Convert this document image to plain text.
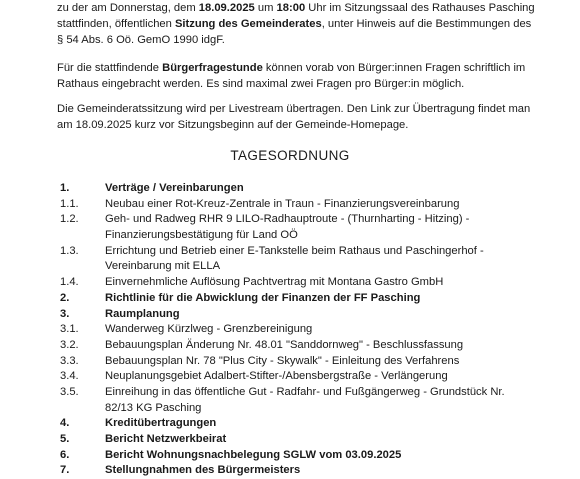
zu der am Donnerstag, dem 18.09.2025 um 18:00 Uhr im Sitzungssaal des Rathauses Pasching stattfinden, öffentlichen Sitzung des Gemeinderates, unter Hinweis auf die Bestimmungen des § 54 Abs. 6 Oö. GemO 1990 idgF.

Für die stattfindende Bürgerfragestunde können vorab von Bürger:innen Fragen schriftlich im Rathaus eingebracht werden. Es sind maximal zwei Fragen pro Bürger:in möglich.

Die Gemeinderatssitzung wird per Livestream übertragen. Den Link zur Übertragung findet man am 18.09.2025 kurz vor Sitzungsbeginn auf der Gemeinde-Homepage.

TAGESORDNUNG
1.	Verträge / Vereinbarungen
1.1. Neubau einer Rot-Kreuz-Zentrale in Traun - Finanzierungsvereinbarung
1.2. Geh- und Radweg RHR 9 LILO-Radhauptroute - (Thurnharting - Hitzing) - Finanzierungsbestätigung für Land OÖ
1.3. Errichtung und Betrieb einer E-Tankstelle beim Rathaus und Paschingerhof - Vereinbarung mit ELLA
1.4. Einvernehmliche Auflösung Pachtvertrag mit Montana Gastro GmbH
2.	Richtlinie für die Abwicklung der Finanzen der FF Pasching
3.	Raumplanung
3.1. Wanderweg Kürzlweg - Grenzbereinigung
3.2. Bebauungsplan Änderung Nr. 48.01 "Sanddornweg" - Beschlussfassung
3.3. Bebauungsplan Nr. 78 "Plus City - Skywalk" - Einleitung des Verfahrens
3.4. Neuplanungsgebiet Adalbert-Stifter-/Abensbergstraße - Verlängerung
3.5. Einreihung in das öffentliche Gut - Radfahr- und Fußgängerweg - Grundstück Nr. 82/13 KG Pasching
4.	Kreditübertragungen
5.	Bericht Netzwerkbeirat
6.	Bericht Wohnungsnachbelegung SGLW vom 03.09.2025
7.	Stellungnahmen des Bürgermeisters
